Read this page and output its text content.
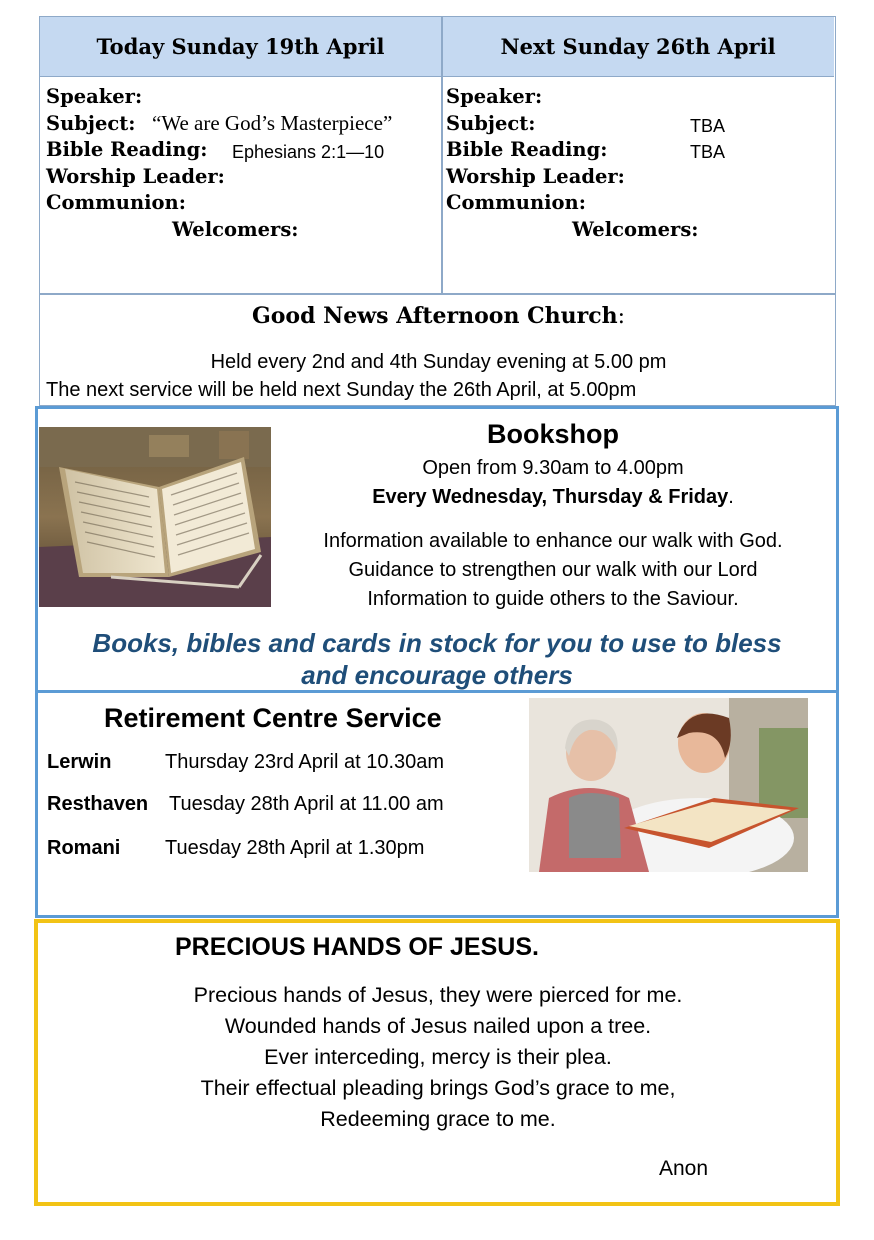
Today Sunday 19th April	Next Sunday 26th April
Speaker:
Subject: “We are God’s Masterpiece”
Bible Reading: Ephesians 2:1—10
Worship Leader:
Communion:
Welcomers:
Speaker:
Subject:	TBA
Bible Reading:	TBA
Worship Leader:
Communion:
Welcomers:
Good News Afternoon Church:
Held every 2nd and 4th Sunday evening at 5.00 pm
The next service will be held next Sunday the 26th April, at 5.00pm
Bookshop
Open from 9.30am to 4.00pm
Every Wednesday, Thursday & Friday.
Information available to enhance our walk with God.
Guidance to strengthen our walk with our Lord
Information to guide others to the Saviour.
Books, bibles and cards in stock for you to use to bless
and encourage others
Retirement Centre Service
Lerwin	Thursday 23rd April at 10.30am
Resthaven Tuesday 28th April at 11.00 am
Romani Tuesday 28th April at 1.30pm
PRECIOUS HANDS OF JESUS.
Precious hands of Jesus, they were pierced for me.
Wounded hands of Jesus nailed upon a tree.
Ever interceding, mercy is their plea.
Their effectual pleading brings God’s grace to me,
Redeeming grace to me.
Anon
